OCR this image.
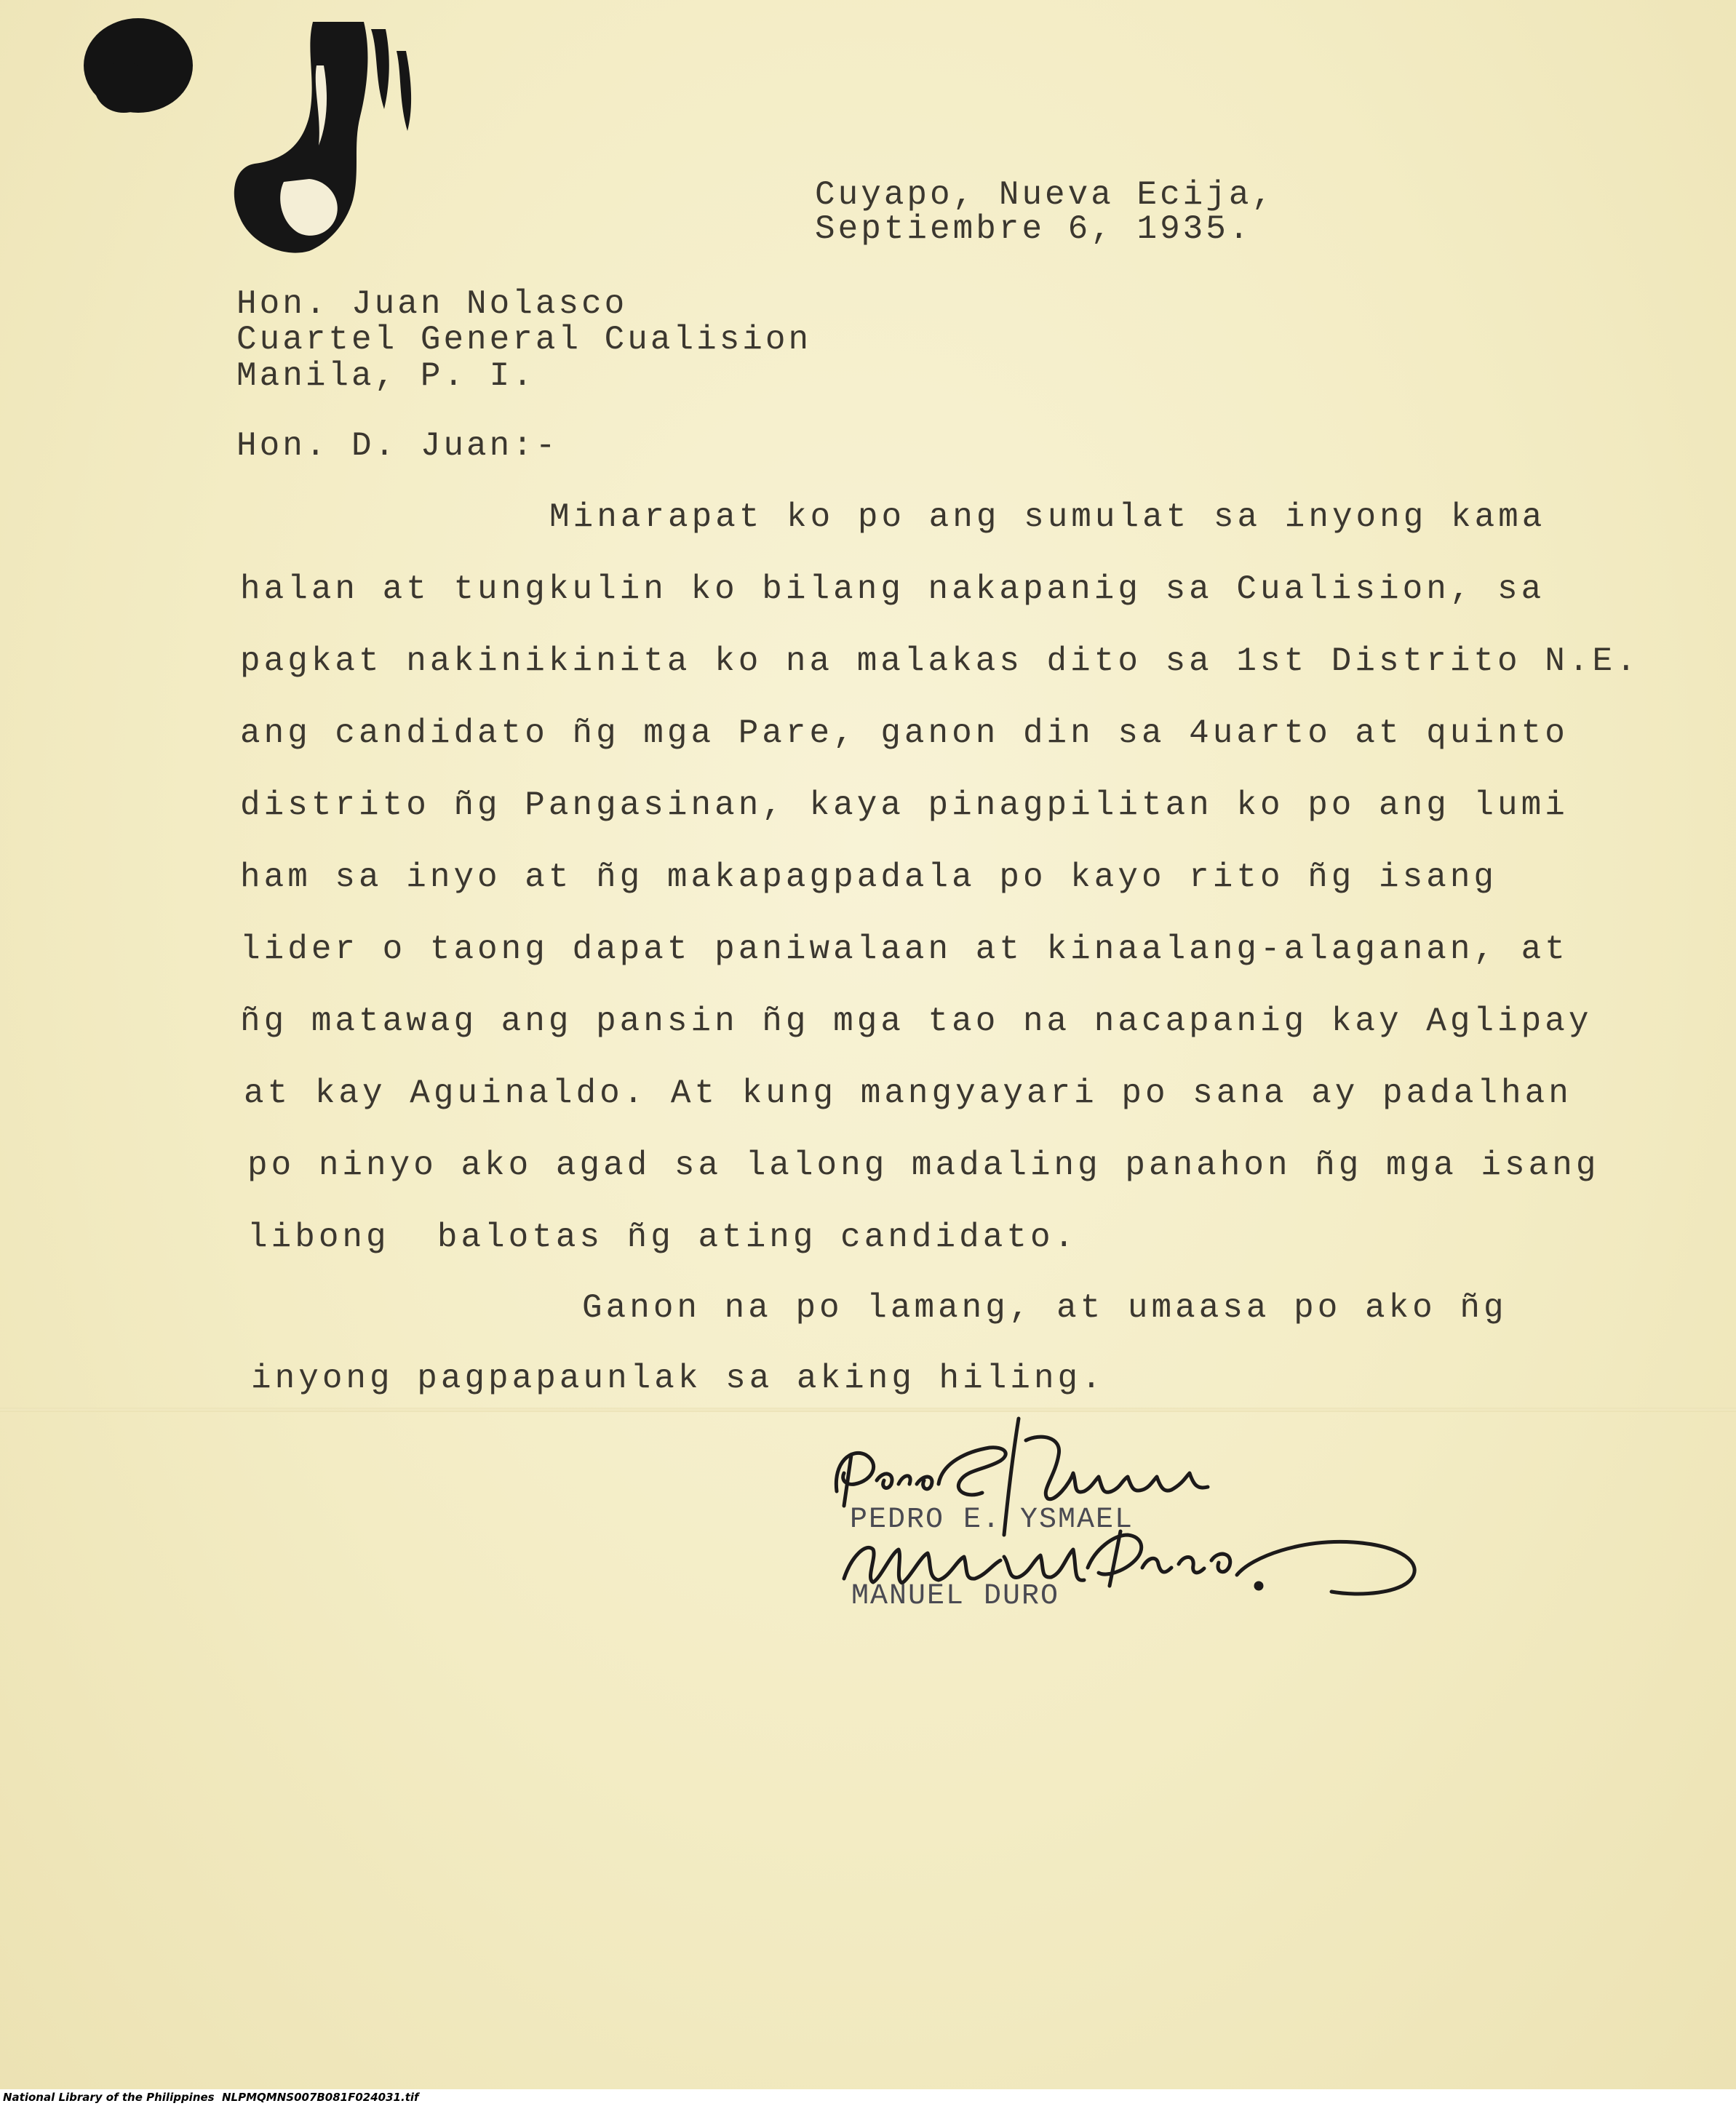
Cuyapo, Nueva Ecija,
Septiembre 6, 1935.
Hon. Juan Nolasco
Cuartel General Cualision
Manila, P. I.
Hon. D. Juan:-
Minarapat ko po ang sumulat sa inyong kama
halan at tungkulin ko bilang nakapanig sa Cualision, sa
pagkat nakinikinita ko na malakas dito sa 1st Distrito N.E.
ang candidato ñg mga Pare, ganon din sa 4uarto at quinto
distrito ñg Pangasinan, kaya pinagpilitan ko po ang lumi
ham sa inyo at ñg makapagpadala po kayo rito ñg isang
lider o taong dapat paniwalaan at kinaalang-alaganan, at
ñg matawag ang pansin ñg mga tao na nacapanig kay Aglipay
at kay Aguinaldo. At kung mangyayari po sana ay padalhan
po ninyo ako agad sa lalong madaling panahon ñg mga isang
libong  balotas ñg ating candidato.
Ganon na po lamang, at umaasa po ako ñg
inyong pagpapaunlak sa aking hiling.
PEDRO E. YSMAEL
MANUEL DURO
National Library of the Philippines NLPMQMNS007B081F024031.tif
